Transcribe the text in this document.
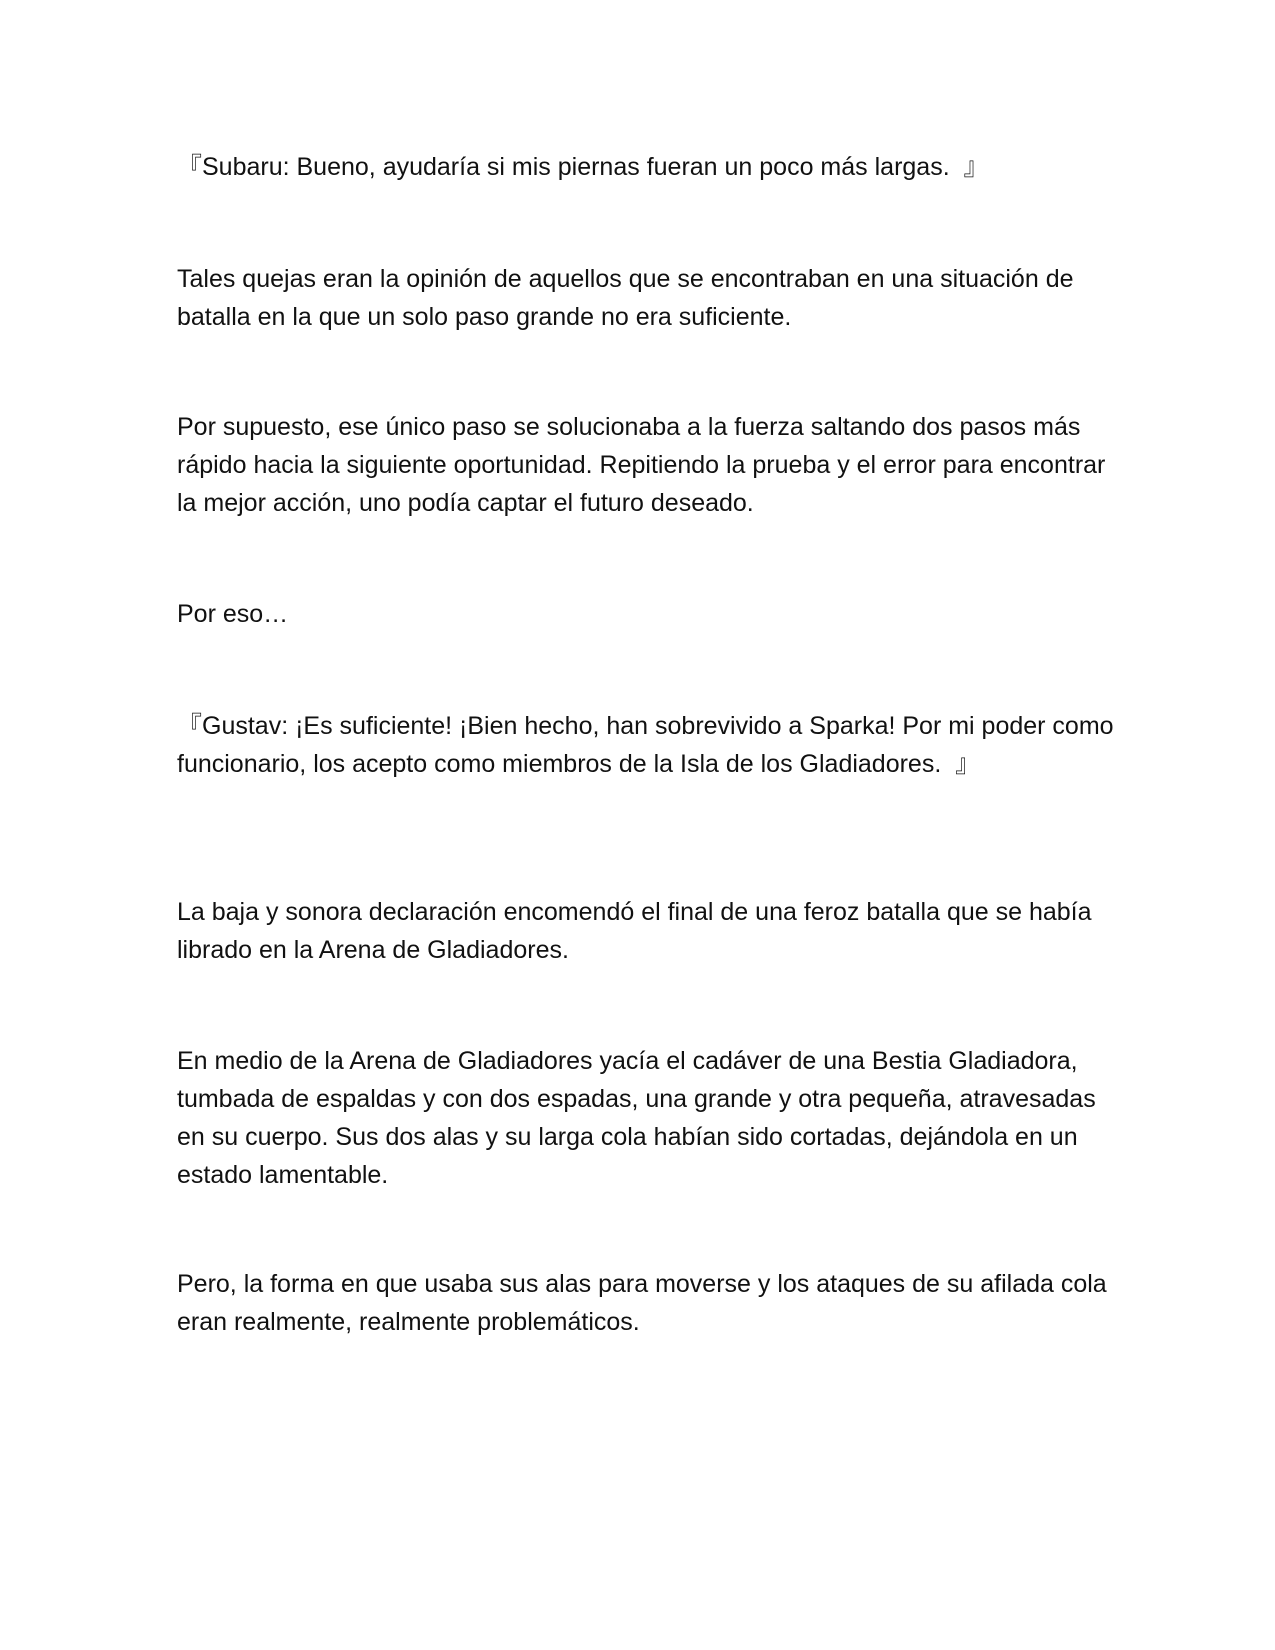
『Subaru: Bueno, ayudaría si mis piernas fueran un poco más largas.  』

Tales quejas eran la opinión de aquellos que se encontraban en una situación de batalla en la que un solo paso grande no era suficiente.

Por supuesto, ese único paso se solucionaba a la fuerza saltando dos pasos más rápido hacia la siguiente oportunidad. Repitiendo la prueba y el error para encontrar la mejor acción, uno podía captar el futuro deseado.

Por eso…

『Gustav: ¡Es suficiente! ¡Bien hecho, han sobrevivido a Sparka! Por mi poder como funcionario, los acepto como miembros de la Isla de los Gladiadores.  』

La baja y sonora declaración encomendó el final de una feroz batalla que se había librado en la Arena de Gladiadores.

En medio de la Arena de Gladiadores yacía el cadáver de una Bestia Gladiadora, tumbada de espaldas y con dos espadas, una grande y otra pequeña, atravesadas en su cuerpo. Sus dos alas y su larga cola habían sido cortadas, dejándola en un estado lamentable.

Pero, la forma en que usaba sus alas para moverse y los ataques de su afilada cola eran realmente, realmente problemáticos.
